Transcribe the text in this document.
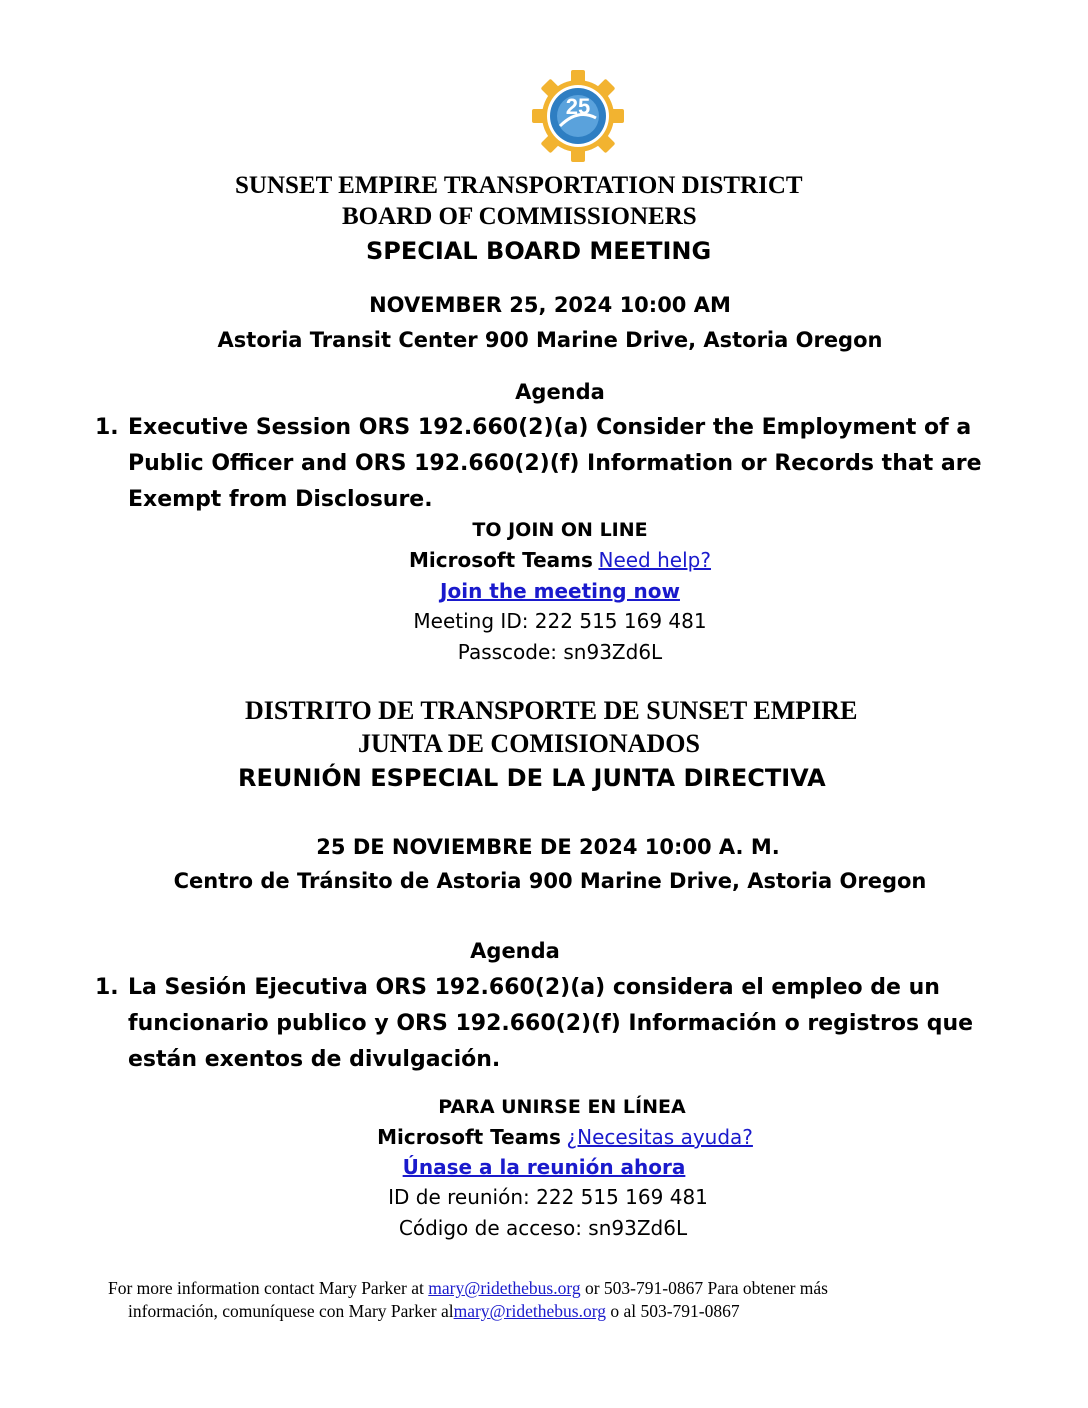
25
SUNSET EMPIRE TRANSPORTATION DISTRICT
BOARD OF COMMISSIONERS
SPECIAL BOARD MEETING
NOVEMBER 25, 2024 10:00 AM
Astoria Transit Center 900 Marine Drive, Astoria Oregon
Agenda
1. Executive Session ORS 192.660(2)(a) Consider the Employment of a Public Officer and ORS 192.660(2)(f) Information or Records that are Exempt from Disclosure.
TO JOIN ON LINE
Microsoft Teams Need help?
Join the meeting now
Meeting ID: 222 515 169 481
Passcode: sn93Zd6L
DISTRITO DE TRANSPORTE DE SUNSET EMPIRE
JUNTA DE COMISIONADOS
REUNIÓN ESPECIAL DE LA JUNTA DIRECTIVA
25 DE NOVIEMBRE DE 2024 10:00 A. M.
Centro de Tránsito de Astoria 900 Marine Drive, Astoria Oregon
Agenda
1. La Sesión Ejecutiva ORS 192.660(2)(a) considera el empleo de un funcionario publico y ORS 192.660(2)(f) Información o registros que están exentos de divulgación.
PARA UNIRSE EN LÍNEA
Microsoft Teams ¿Necesitas ayuda?
Únase a la reunión ahora
ID de reunión: 222 515 169 481
Código de acceso: sn93Zd6L
For more information contact Mary Parker at mary@ridethebus.org or 503-791-0867 Para obtener más
información, comuníquese con Mary Parker almary@ridethebus.org o al 503-791-0867
